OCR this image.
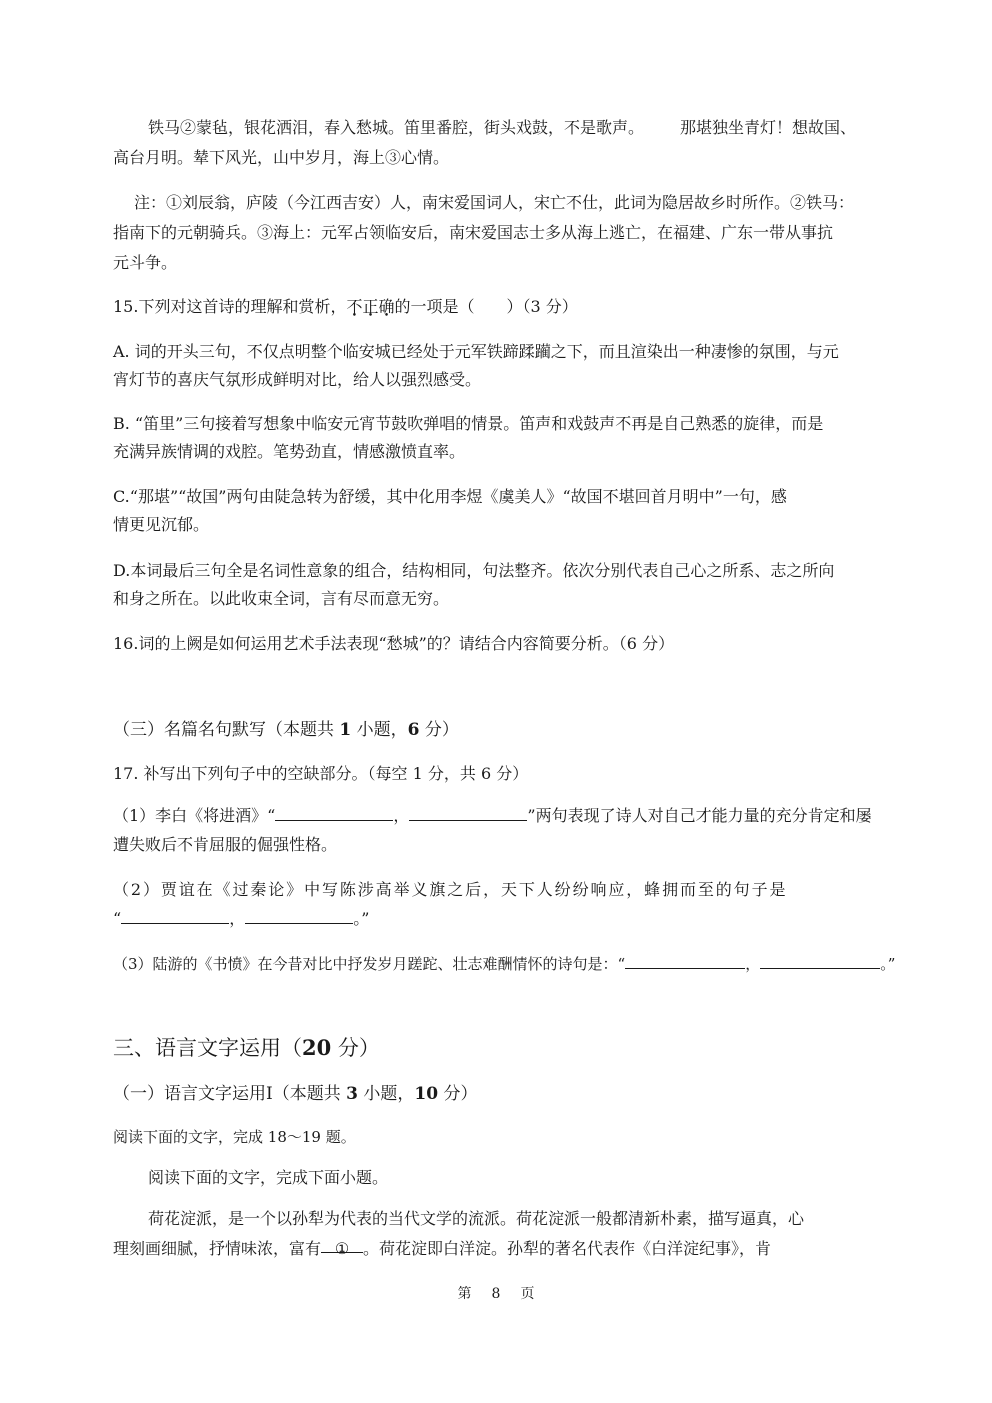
铁马②蒙毡，银花洒泪，春入愁城。笛里番腔，街头戏鼓，不是歌声。 那堪独坐青灯！想故国、
高台月明。辇下风光，山中岁月，海上③心情。
注：①刘辰翁，庐陵（今江西吉安）人，南宋爱国词人，宋亡不仕，此词为隐居故乡时所作。②铁马：
指南下的元朝骑兵。③海上：元军占领临安后，南宋爱国志士多从海上逃亡，在福建、广东一带从事抗
元斗争。
15.下列对这首诗的理解和赏析，不正确的一项是（　　）（3 分）
A. 词的开头三句，不仅点明整个临安城已经处于元军铁蹄蹂躏之下，而且渲染出一种凄惨的氛围，与元
宵灯节的喜庆气氛形成鲜明对比，给人以强烈感受。
B. “笛里”三句接着写想象中临安元宵节鼓吹弹唱的情景。笛声和戏鼓声不再是自己熟悉的旋律，而是
充满异族情调的戏腔。笔势劲直，情感激愤直率。
C.“那堪”“故国”两句由陡急转为舒缓，其中化用李煜《虞美人》“故国不堪回首月明中”一句，感
情更见沉郁。
D.本词最后三句全是名词性意象的组合，结构相同，句法整齐。依次分别代表自己心之所系、志之所向
和身之所在。以此收束全词，言有尽而意无穷。
16.词的上阙是如何运用艺术手法表现“愁城”的？请结合内容简要分析。（6 分）
（三）名篇名句默写（本题共 1 小题，6 分）
17. 补写出下列句子中的空缺部分。（每空 1 分，共 6 分）
（1）李白《将进酒》“	，	”两句表现了诗人对自己才能力量的充分肯定和屡
遭失败后不肯屈服的倔强性格。
（2）贾谊在《过秦论》中写陈涉高举义旗之后，天下人纷纷响应，蜂拥而至的句子是
“	，	。”
（3）陆游的《书愤》在今昔对比中抒发岁月蹉跎、壮志难酬情怀的诗句是：“	，	。”
三、语言文字运用（20 分）
（一）语言文字运用Ⅰ（本题共 3 小题，10 分）
阅读下面的文字，完成 18～19 题。
阅读下面的文字，完成下面小题。
荷花淀派，是一个以孙犁为代表的当代文学的流派。荷花淀派一般都清新朴素，描写逼真，心
理刻画细腻，抒情味浓，富有 ① 。荷花淀即白洋淀。孙犁的著名代表作《白洋淀纪事》，肯
第 8 页
